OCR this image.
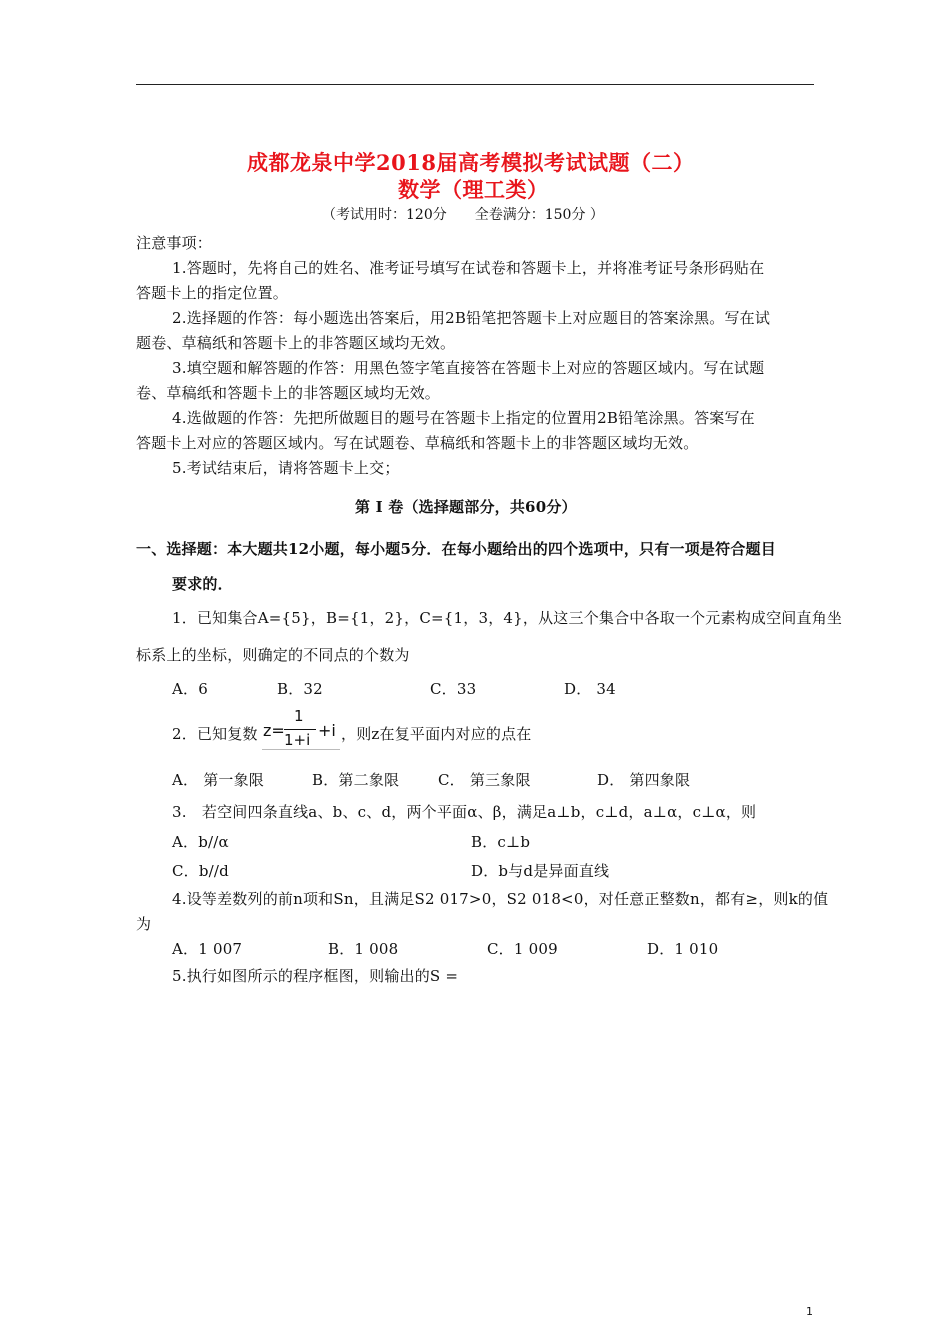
成都龙泉中学2018届高考模拟考试试题（二）
数学（理工类）
（考试用时：120分　　全卷满分：150分 ）
注意事项：
1.答题时，先将自己的姓名、准考证号填写在试卷和答题卡上，并将准考证号条形码贴在
答题卡上的指定位置。
2.选择题的作答：每小题选出答案后，用2B铅笔把答题卡上对应题目的答案涂黑。写在试
题卷、草稿纸和答题卡上的非答题区域均无效。
3.填空题和解答题的作答：用黑色签字笔直接答在答题卡上对应的答题区域内。写在试题
卷、草稿纸和答题卡上的非答题区域均无效。
4.选做题的作答：先把所做题目的题号在答题卡上指定的位置用2B铅笔涂黑。答案写在
答题卡上对应的答题区域内。写在试题卷、草稿纸和答题卡上的非答题区域均无效。
5.考试结束后，请将答题卡上交；
第 I 卷（选择题部分，共60分）
一、选择题：本大题共12小题，每小题5分．在每小题给出的四个选项中，只有一项是符合题目
要求的．
1．已知集合A={5}，B={1，2}，C={1，3，4}，从这三个集合中各取一个元素构成空间直角坐
标系上的坐标，则确定的不同点的个数为
A．6	B．32	C．33	D． 34
2．已知复数 z=
1
1+i +i ，则z在复平面内对应的点在
A． 第一象限	B．第二象限	C． 第三象限	D． 第四象限
3.　若空间四条直线a、b、c、d，两个平面α、β，满足a⊥b，c⊥d，a⊥α，c⊥α，则
A．b//α	B．c⊥b
C．b//d	D．b与d是异面直线
4.设等差数列的前n项和Sn，且满足S2 017>0，S2 018<0，对任意正整数n，都有≥，则k的值
为
A．1 007	B．1 008	C．1 009	D．1 010
5.执行如图所示的程序框图，则输出的S =
1
